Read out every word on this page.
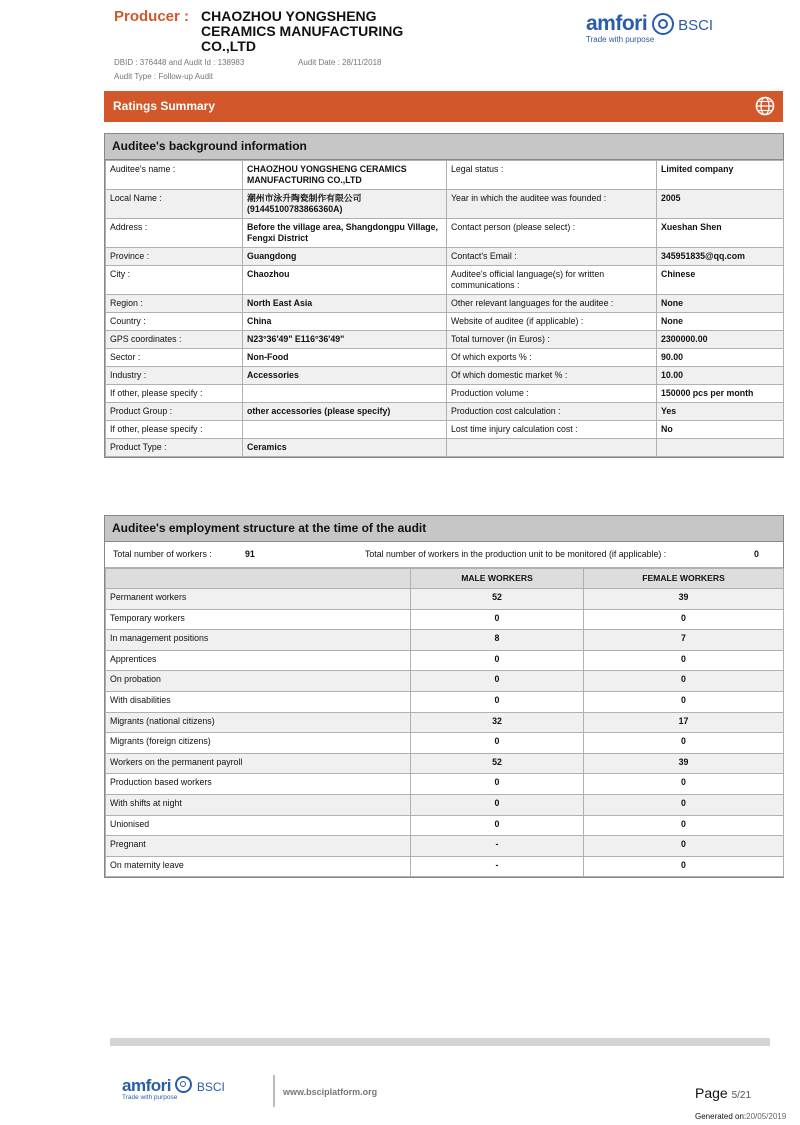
Producer : CHAOZHOU YONGSHENG CERAMICS MANUFACTURING CO.,LTD
DBID : 376448 and Audit Id : 138983	Audit Date : 28/11/2018
Audit Type : Follow-up Audit
amfori BSCI
Trade with purpose
Ratings Summary
Auditee's background information
Auditee's name :	CHAOZHOU YONGSHENG CERAMICS MANUFACTURING CO.,LTD	Legal status :	Limited company
Local Name :	潮州市泳升陶瓷制作有限公司(91445100783866360A)	Year in which the auditee was founded :	2005
Address :	Before the village area, Shangdongpu Village, Fengxi District	Contact person (please select) :	Xueshan Shen
Province :	Guangdong	Contact's Email :	345951835@qq.com
City :	Chaozhou	Auditee's official language(s) for written communications :	Chinese
Region :	North East Asia	Other relevant languages for the auditee :	None
Country :	China	Website of auditee (if applicable) :	None
GPS coordinates :	N23°36'49" E116°36'49"	Total turnover (in Euros) :	2300000.00
Sector :	Non-Food	Of which exports % :	90.00
Industry :	Accessories	Of which domestic market % :	10.00
If other, please specify :		Production volume :	150000 pcs per month
Product Group :	other accessories (please specify)	Production cost calculation :	Yes
If other, please specify :		Lost time injury calculation cost :	No
Product Type :	Ceramics		
Auditee's employment structure at the time of the audit
Total number of workers :	91	Total number of workers in the production unit to be monitored (if applicable) :	0
	MALE WORKERS	FEMALE WORKERS
Permanent workers	52	39
Temporary workers	0	0
In management positions	8	7
Apprentices	0	0
On probation	0	0
With disabilities	0	0
Migrants (national citizens)	32	17
Migrants (foreign citizens)	0	0
Workers on the permanent payroll	52	39
Production based workers	0	0
With shifts at night	0	0
Unionised	0	0
Pregnant	-	0
On maternity leave	-	0
amfori BSCI
Trade with purpose
www.bsciplatform.org	Page 5/21
Generated on:20/05/2019
